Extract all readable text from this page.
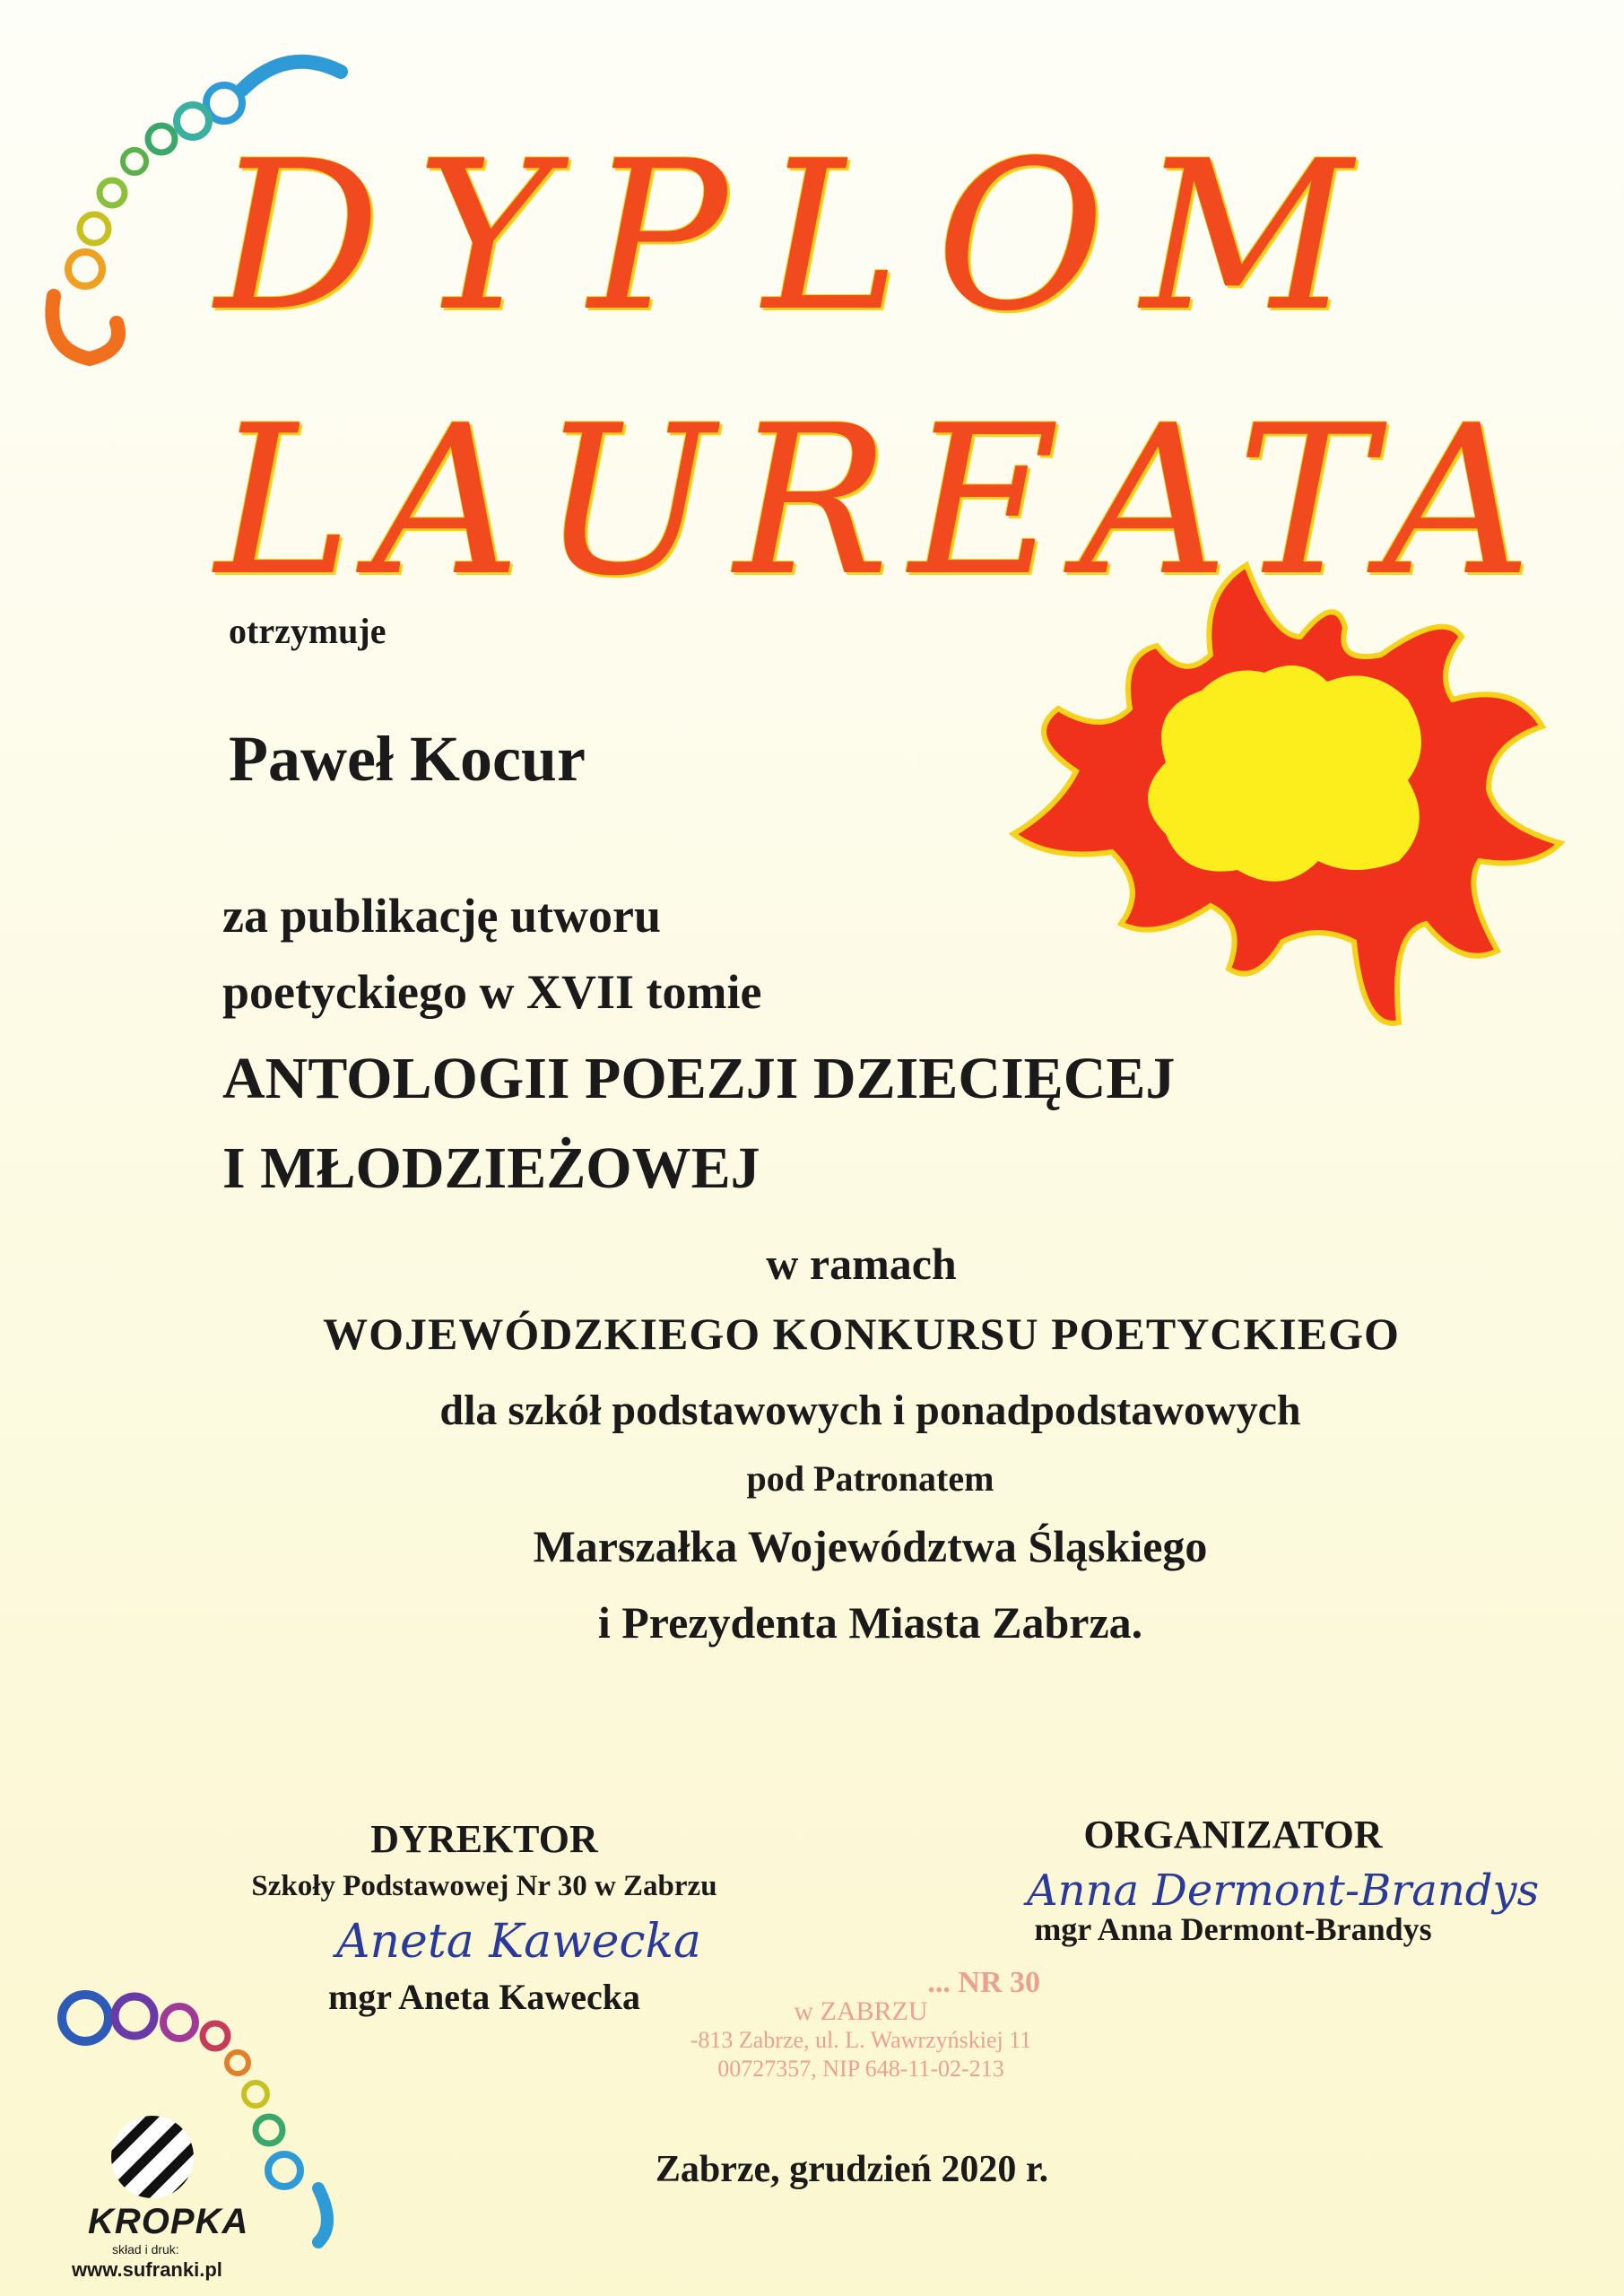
DYPLOM
LAUREATA
otrzymuje
Paweł Kocur
za publikację utworu
poetyckiego w XVII tomie
ANTOLOGII POEZJI DZIECIĘCEJ
I MŁODZIEŻOWEJ
w ramach
WOJEWÓDZKIEGO KONKURSU POETYCKIEGO
dla szkół podstawowych i ponadpodstawowych
pod Patronatem
Marszałka Województwa Śląskiego
i Prezydenta Miasta Zabrza.
DYREKTOR
Szkoły Podstawowej Nr 30 w Zabrzu
Aneta Kawecka
mgr Aneta Kawecka
ORGANIZATOR
Anna Dermont-Brandys
mgr Anna Dermont-Brandys
... NR 30
w ZABRZU
-813 Zabrze, ul. L. Wawrzyńskiej 11
00727357, NIP 648-11-02-213
Zabrze, grudzień 2020 r.
KROPKA
skład i druk:
www.sufranki.pl
